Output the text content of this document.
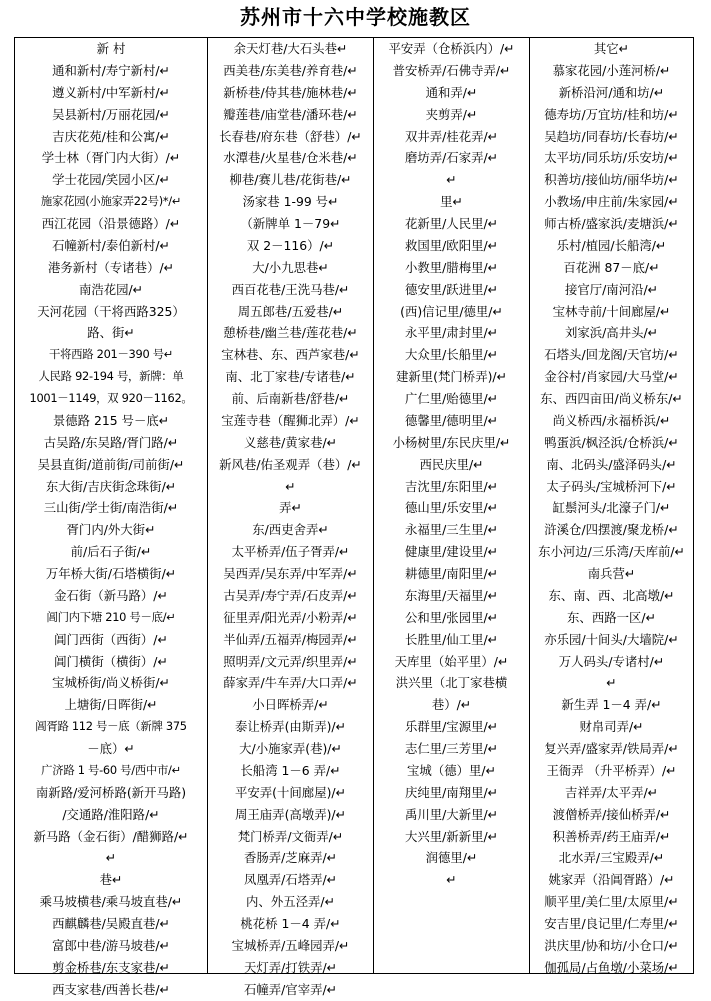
苏州市十六中学校施教区
新 村
通和新村/寿宁新村/↵
遵义新村/中军新村/↵
吴县新村/万丽花园/↵
吉庆花苑/桂和公寓/↵
学士林（胥门内大街）/↵
学士花园/笑园小区/↵
施家花园(小施家弄22号)*/↵
西江花园（沿景德路）/↵
石幢新村/泰伯新村/↵
港务新村（专诸巷）/↵
南浩花园/↵
天河花园（干将西路325）
路、街↵
干将西路 201－390 号↵
人民路 92-194 号，新牌：单
1001－1149，双 920－1162。
景德路 215 号－底↵
古吴路/东吴路/胥门路/↵
吴县直街/道前街/司前街/↵
东大街/吉庆街念珠街/↵
三山街/学士街/南浩街/↵
胥门内/外大街↵
前/后石子街/↵
万年桥大街/石塔横街/↵
金石街（新马路）/↵
阊门内下塘 210 号－底/↵
阊门西街（西街）/↵
阊门横街（横街）/↵
宝城桥街/尚义桥街/↵
上塘街/日晖街/↵
阊胥路 112 号－底（新牌 375
－底）↵
广济路 1 号-60 号/西中市/↵
南新路/爱河桥路(新开马路)
/交通路/淮阳路/↵
新马路（金石街）/醋狮路/↵
↵
巷↵
乘马坡横巷/乘马坡直巷/↵
西麒麟巷/吴殿直巷/↵
富郎中巷/游马坡巷/↵
剪金桥巷/东支家巷/↵
西支家巷/西善长巷/↵
余天灯巷/大石头巷↵
西美巷/东美巷/养育巷/↵
新桥巷/侍其巷/施林巷/↵
瓣莲巷/庙堂巷/潘环巷/↵
长春巷/府东巷（舒巷）/↵
水潭巷/火星巷/仓米巷/↵
柳巷/赛儿巷/花街巷/↵
汤家巷 1-99 号↵
（新牌单 1－79↵
双 2－116）/↵
大/小九思巷↵
西百花巷/王洗马巷/↵
周五郎巷/五爱巷/↵
憩桥巷/幽兰巷/莲花巷/↵
宝林巷、东、西芦家巷/↵
南、北丁家巷/专诸巷/↵
前、后南新巷/舒巷/↵
宝莲寺巷（醒狮北弄）/↵
义慈巷/黄家巷/↵
新风巷/佑圣观弄（巷）/↵
↵
弄↵
东/西吏舍弄↵
太平桥弄/伍子胥弄/↵
吴西弄/吴东弄/中军弄/↵
古吴弄/寿宁弄/石皮弄/↵
征里弄/阳光弄/小粉弄/↵
半仙弄/五福弄/梅园弄/↵
照明弄/文元弄/织里弄/↵
薛家弄/牛车弄/大口弄/↵
小日晖桥弄/↵
泰让桥弄(由斯弄)/↵
大/小施家弄(巷)/↵
长船湾 1－6 弄/↵
平安弄(十间廊屋)/↵
周王庙弄(高墩弄)/↵
梵门桥弄/文衙弄/↵
香肠弄/芝麻弄/↵
凤凰弄/石塔弄/↵
内、外五泾弄/↵
桃花桥 1－4 弄/↵
宝城桥弄/五峰园弄/↵
天灯弄/打铁弄/↵
石幢弄/官宰弄/↵
平安弄（仓桥浜内）/↵
普安桥弄/石佛寺弄/↵
通和弄/↵
夹剪弄/↵
双井弄/桂花弄/↵
磨坊弄/石家弄/↵
↵
里↵
花新里/人民里/↵
救国里/欧阳里/↵
小教里/腊梅里/↵
德安里/跃进里/↵
(西)信记里/德里/↵
永平里/肃封里/↵
大众里/长船里/↵
建新里(梵门桥弄)/↵
广仁里/贻德里/↵
德馨里/德明里/↵
小杨树里/东民庆里/↵
西民庆里/↵
吉沈里/东阳里/↵
德山里/乐安里/↵
永福里/三生里/↵
健康里/建设里/↵
耕德里/南阳里/↵
东海里/天福里/↵
公和里/张园里/↵
长胜里/仙工里/↵
天库里（始平里）/↵
洪兴里（北丁家巷横
巷）/↵
乐群里/宝源里/↵
志仁里/三芳里/↵
宝城（德）里/↵
庆纯里/南翔里/↵
禹川里/大新里/↵
大兴里/新新里/↵
润德里/↵
↵
其它↵
慕家花园/小莲河桥/↵
新桥沿河/通和坊/↵
德寿坊/万宜坊/桂和坊/↵
吴趋坊/同春坊/长春坊/↵
太平坊/同乐坊/乐安坊/↵
积善坊/接仙坊/丽华坊/↵
小教场/申庄前/朱家园/↵
师古桥/盛家浜/麦塘浜/↵
乐村/植园/长船湾/↵
百花洲 87－底/↵
接官厅/南河沿/↵
宝林寺前/十间廊屋/↵
刘家浜/高井头/↵
石塔头/回龙阁/天官坊/↵
金谷村/肖家园/大马堂/↵
东、西四亩田/尚义桥东/↵
尚义桥西/永福桥浜/↵
鸭蛋浜/枫泾浜/仓桥浜/↵
南、北码头/盛泽码头/↵
太子码头/宝城桥河下/↵
缸鬃河头/北濠子门/↵
浒溪仓/四摆渡/聚龙桥/↵
东小河边/三乐湾/天库前/↵
南兵营↵
东、南、西、北高墩/↵
东、西路一区/↵
亦乐园/十间头/大墙院/↵
万人码头/专诸村/↵
↵
新生弄 1－4 弄/↵
财帛司弄/↵
复兴弄/盛家弄/铁局弄/↵
王衙弄 （升平桥弄）/↵
吉祥弄/太平弄/↵
渡僧桥弄/接仙桥弄/↵
积善桥弄/药王庙弄/↵
北水弄/三宝殿弄/↵
姚家弄（沿阊胥路）/↵
顺平里/美仁里/太原里/↵
安吉里/良记里/仁寿里/↵
洪庆里/协和坊/小仓口/↵
伽孤局/占鱼墩/小菜场/↵
